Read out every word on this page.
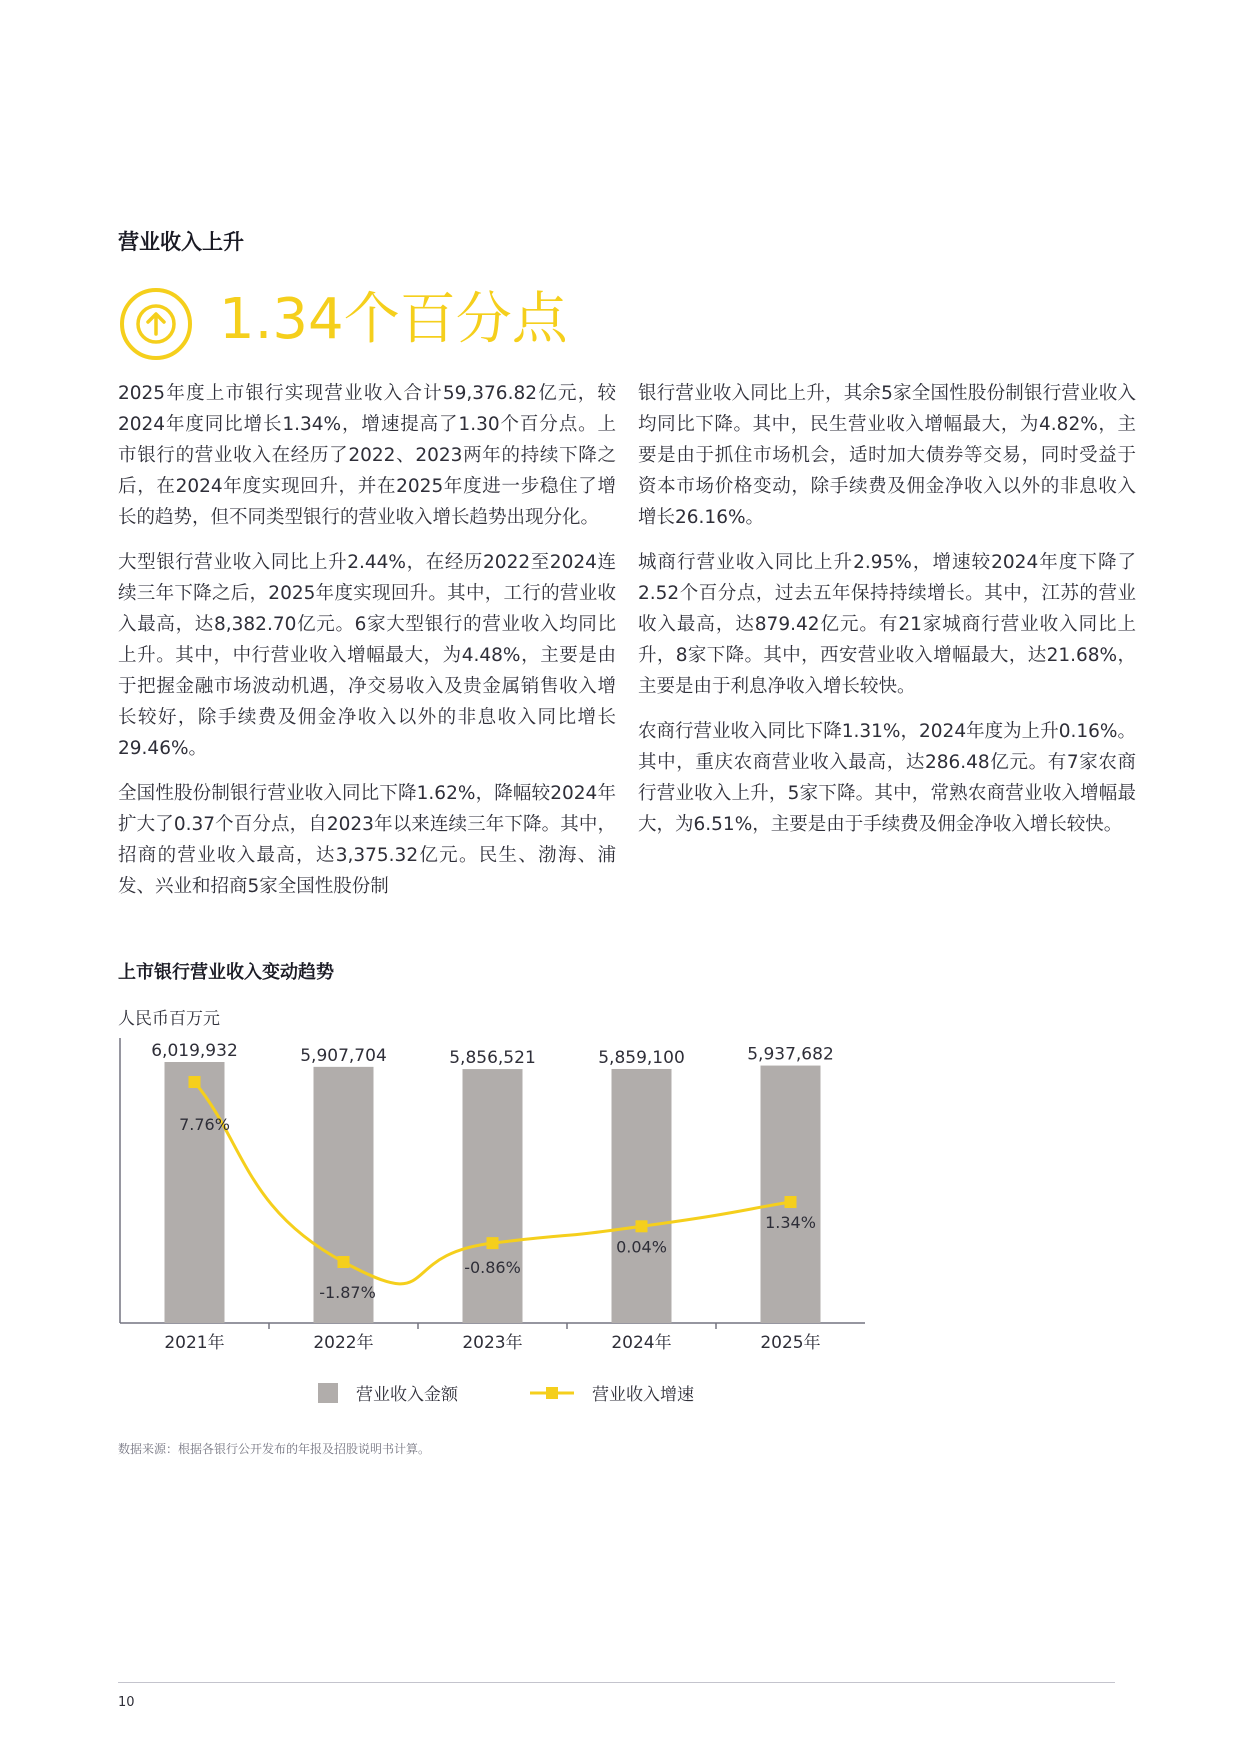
营业收入上升
1.34个百分点

2025年度上市银行实现营业收入合计59,376.82亿元，较2024年度同比增长1.34%，增速提高了1.30个百分点。上市银行的营业收入在经历了2022、2023两年的持续下降之后，在2024年度实现回升，并在2025年度进一步稳住了增长的趋势，但不同类型银行的营业收入增长趋势出现分化。

大型银行营业收入同比上升2.44%，在经历2022至2024连续三年下降之后，2025年度实现回升。其中，工行的营业收入最高，达8,382.70亿元。6家大型银行的营业收入均同比上升。其中，中行营业收入增幅最大，为4.48%，主要是由于把握金融市场波动机遇，净交易收入及贵金属销售收入增长较好，除手续费及佣金净收入以外的非息收入同比增长 29.46%。

全国性股份制银行营业收入同比下降1.62%，降幅较2024年扩大了0.37个百分点，自2023年以来连续三年下降。其中，招商的营业收入最高，达3,375.32亿元。民生、渤海、浦发、兴业和招商5家全国性股份制

银行营业收入同比上升，其余5家全国性股份制银行营业收入均同比下降。其中，民生营业收入增幅最大，为4.82%，主要是由于抓住市场机会，适时加大债券等交易，同时受益于资本市场价格变动，除手续费及佣金净收入以外的非息收入增长26.16%。

城商行营业收入同比上升2.95%，增速较2024年度下降了2.52个百分点，过去五年保持持续增长。其中，江苏的营业收入最高，达879.42亿元。有21家城商行营业收入同比上升，8家下降。其中，西安营业收入增幅最大，达21.68%，主要是由于利息净收入增长较快。

农商行营业收入同比下降1.31%，2024年度为上升0.16%。其中，重庆农商营业收入最高，达286.48亿元。有7家农商行营业收入上升，5家下降。其中，常熟农商营业收入增幅最大，为6.51%，主要是由于手续费及佣金净收入增长较快。

上市银行营业收入变动趋势
人民币百万元
6,019,932
2021年
5,907,704
2022年
5,856,521
2023年
5,859,100
2024年
5,937,682
2025年
7.76%
-1.87%
-0.86%
0.04%
1.34%
营业收入金额	营业收入增速
数据来源：根据各银行公开发布的年报及招股说明书计算。
10
